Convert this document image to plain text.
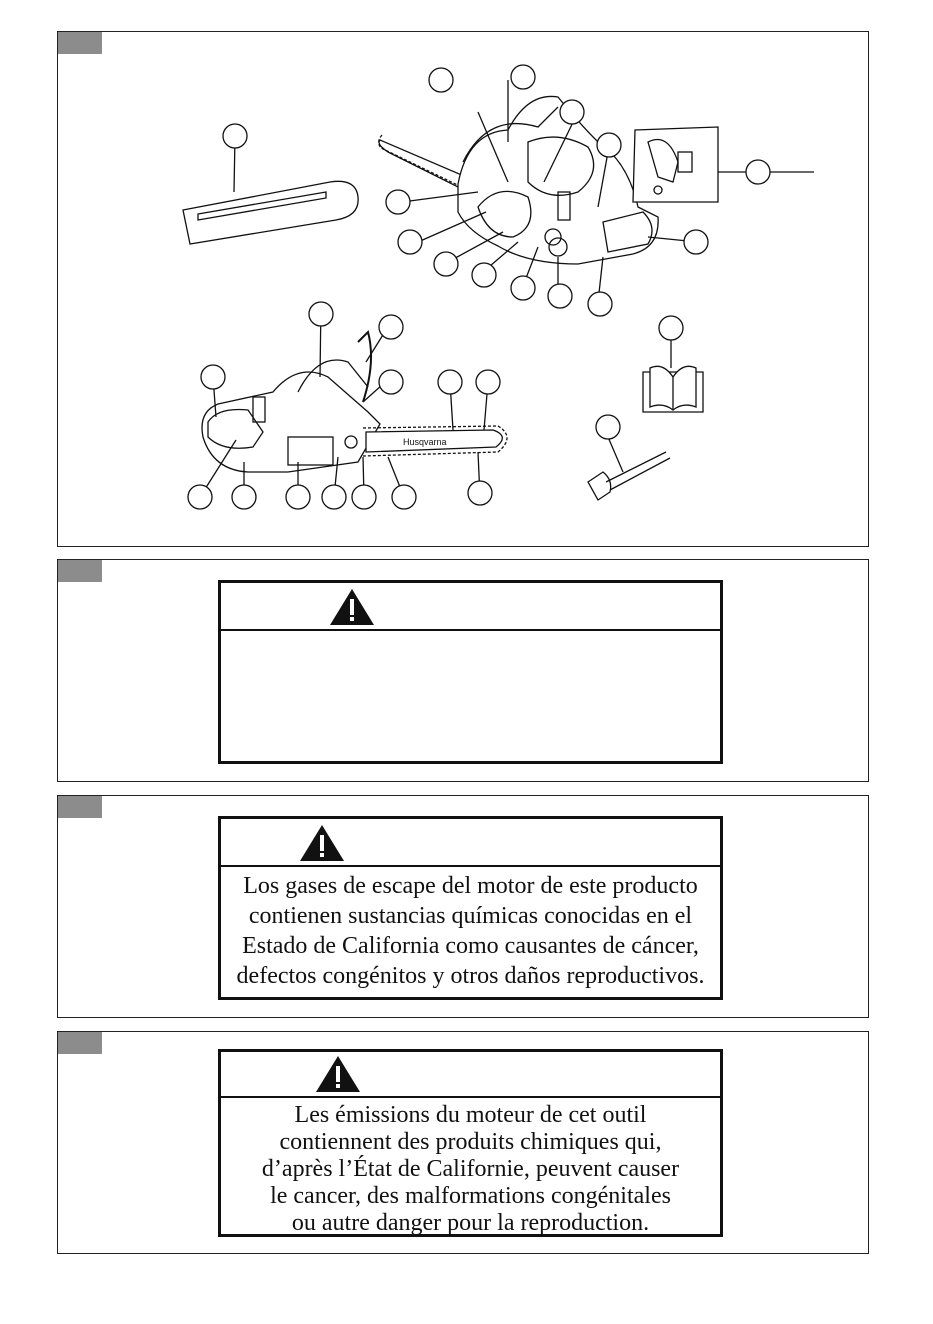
Husqvarna
Los gases de escape del motor de este producto
contienen sustancias químicas conocidas en el
Estado de California como causantes de cáncer,
defectos congénitos y otros daños reproductivos.
Les émissions du moteur de cet outil
contiennent des produits chimiques qui,
d’après l’État de Californie, peuvent causer
le cancer, des malformations congénitales
ou autre danger pour la reproduction.
